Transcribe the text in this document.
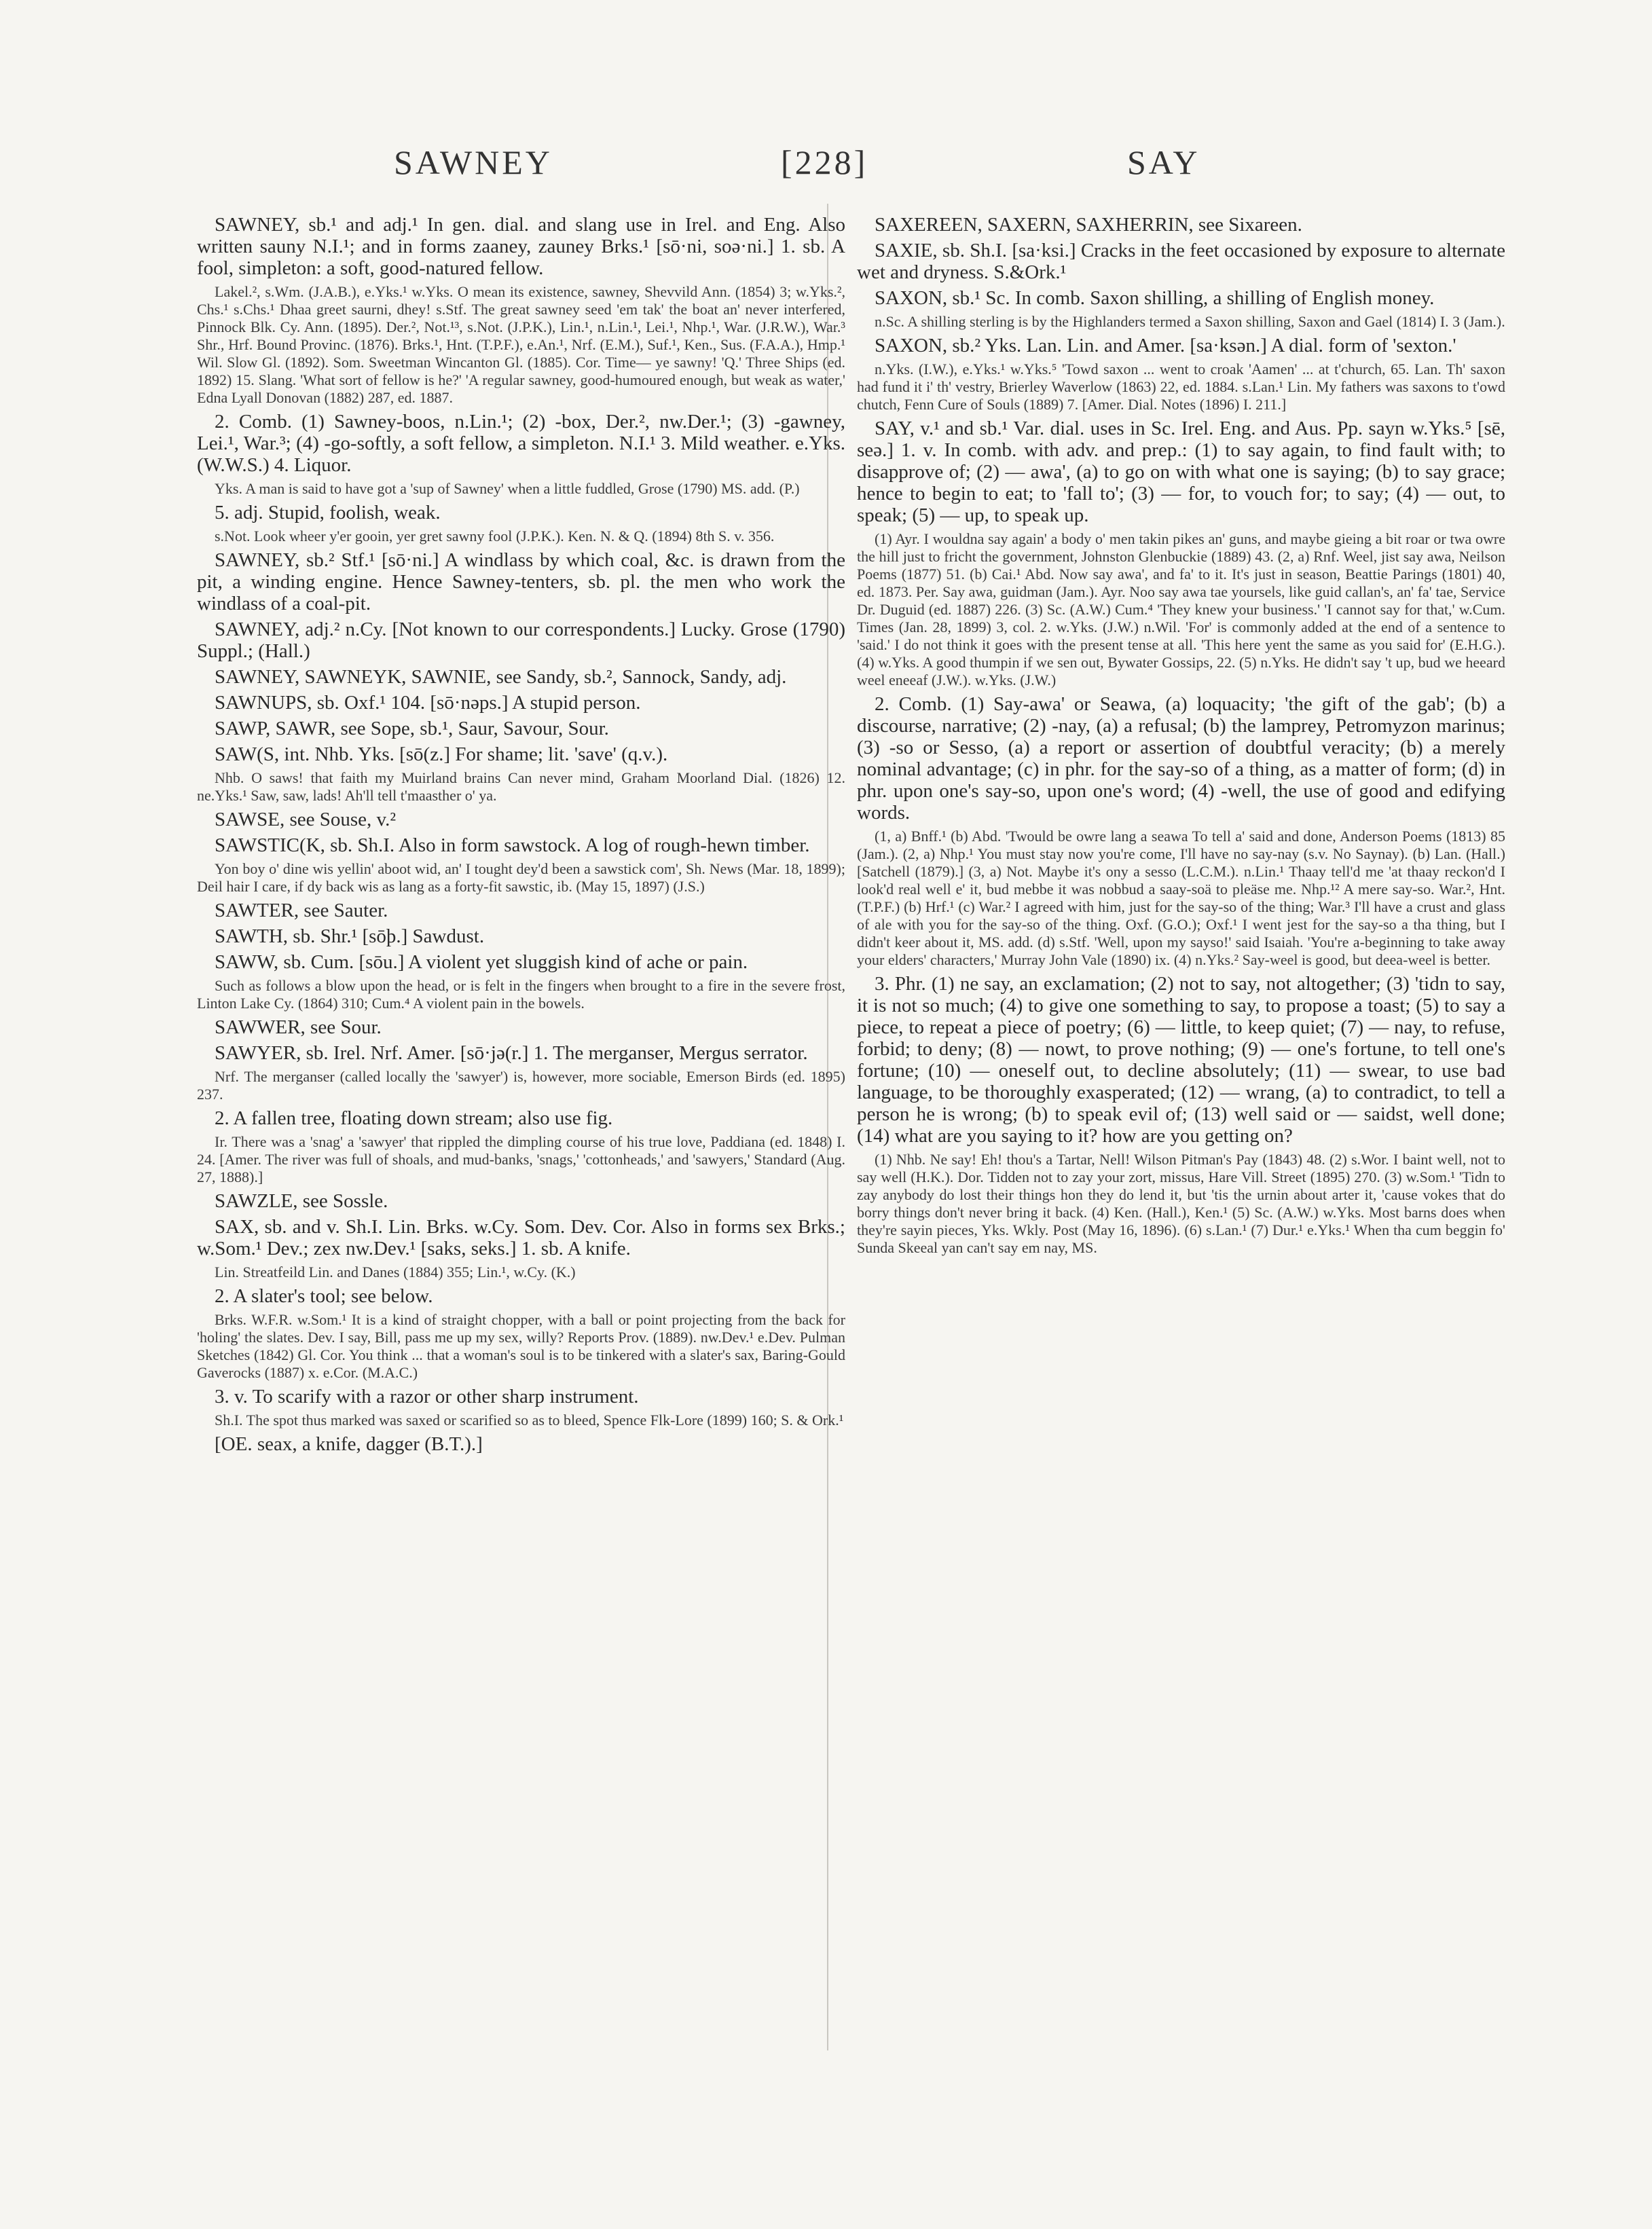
SAWNEY	[228]	SAY

SAWNEY, sb.¹ and adj.¹ In gen. dial. and slang use in Irel. and Eng. Also written sauny N.I.¹; and in forms zaaney, zauney Brks.¹ [sō·ni, soə·ni.] 1. sb. A fool, simpleton: a soft, good-natured fellow.

Lakel.², s.Wm. (J.A.B.), e.Yks.¹ w.Yks. O mean its existence, sawney, Shevvild Ann. (1854) 3; w.Yks.², Chs.¹ s.Chs.¹ Dhaa greet saurni, dhey! s.Stf. The great sawney seed 'em tak' the boat an' never interfered, Pinnock Blk. Cy. Ann. (1895). Der.², Not.¹³, s.Not. (J.P.K.), Lin.¹, n.Lin.¹, Lei.¹, Nhp.¹, War. (J.R.W.), War.³ Shr., Hrf. Bound Provinc. (1876). Brks.¹, Hnt. (T.P.F.), e.An.¹, Nrf. (E.M.), Suf.¹, Ken., Sus. (F.A.A.), Hmp.¹ Wil. Slow Gl. (1892). Som. Sweetman Wincanton Gl. (1885). Cor. Time— ye sawny! 'Q.' Three Ships (ed. 1892) 15. Slang. 'What sort of fellow is he?' 'A regular sawney, good-humoured enough, but weak as water,' Edna Lyall Donovan (1882) 287, ed. 1887.

2. Comb. (1) Sawney-boos, n.Lin.¹; (2) -box, Der.², nw.Der.¹; (3) -gawney, Lei.¹, War.³; (4) -go-softly, a soft fellow, a simpleton. N.I.¹ 3. Mild weather. e.Yks. (W.W.S.) 4. Liquor.

Yks. A man is said to have got a 'sup of Sawney' when a little fuddled, Grose (1790) MS. add. (P.)

5. adj. Stupid, foolish, weak.

s.Not. Look wheer y'er gooin, yer gret sawny fool (J.P.K.). Ken. N. & Q. (1894) 8th S. v. 356.

SAWNEY, sb.² Stf.¹ [sō·ni.] A windlass by which coal, &c. is drawn from the pit, a winding engine. Hence Sawney-tenters, sb. pl. the men who work the windlass of a coal-pit.

SAWNEY, adj.² n.Cy. [Not known to our correspondents.] Lucky. Grose (1790) Suppl.; (Hall.)

SAWNEY, SAWNEYK, SAWNIE, see Sandy, sb.², Sannock, Sandy, adj.

SAWNUPS, sb. Oxf.¹ 104. [sō·nəps.] A stupid person.

SAWP, SAWR, see Sope, sb.¹, Saur, Savour, Sour.

SAW(S, int. Nhb. Yks. [sō(z.] For shame; lit. 'save' (q.v.).

Nhb. O saws! that faith my Muirland brains Can never mind, Graham Moorland Dial. (1826) 12. ne.Yks.¹ Saw, saw, lads! Ah'll tell t'maasther o' ya.

SAWSE, see Souse, v.²

SAWSTIC(K, sb. Sh.I. Also in form sawstock. A log of rough-hewn timber.

Yon boy o' dine wis yellin' aboot wid, an' I tought dey'd been a sawstick com', Sh. News (Mar. 18, 1899); Deil hair I care, if dy back wis as lang as a forty-fit sawstic, ib. (May 15, 1897) (J.S.)

SAWTER, see Sauter.

SAWTH, sb. Shr.¹ [sōþ.] Sawdust.

SAWW, sb. Cum. [sōu.] A violent yet sluggish kind of ache or pain.

Such as follows a blow upon the head, or is felt in the fingers when brought to a fire in the severe frost, Linton Lake Cy. (1864) 310; Cum.⁴ A violent pain in the bowels.

SAWWER, see Sour.

SAWYER, sb. Irel. Nrf. Amer. [sō·jə(r.] 1. The merganser, Mergus serrator.

Nrf. The merganser (called locally the 'sawyer') is, however, more sociable, Emerson Birds (ed. 1895) 237.

2. A fallen tree, floating down stream; also use fig.

Ir. There was a 'snag' a 'sawyer' that rippled the dimpling course of his true love, Paddiana (ed. 1848) I. 24. [Amer. The river was full of shoals, and mud-banks, 'snags,' 'cottonheads,' and 'sawyers,' Standard (Aug. 27, 1888).]

SAWZLE, see Sossle.

SAX, sb. and v. Sh.I. Lin. Brks. w.Cy. Som. Dev. Cor. Also in forms sex Brks.; w.Som.¹ Dev.; zex nw.Dev.¹ [saks, seks.] 1. sb. A knife.

Lin. Streatfeild Lin. and Danes (1884) 355; Lin.¹, w.Cy. (K.)

2. A slater's tool; see below.

Brks. W.F.R. w.Som.¹ It is a kind of straight chopper, with a ball or point projecting from the back for 'holing' the slates. Dev. I say, Bill, pass me up my sex, willy? Reports Prov. (1889). nw.Dev.¹ e.Dev. Pulman Sketches (1842) Gl. Cor. You think ... that a woman's soul is to be tinkered with a slater's sax, Baring-Gould Gaverocks (1887) x. e.Cor. (M.A.C.)

3. v. To scarify with a razor or other sharp instrument.

Sh.I. The spot thus marked was saxed or scarified so as to bleed, Spence Flk-Lore (1899) 160; S. & Ork.¹

[OE. seax, a knife, dagger (B.T.).]

SAXEREEN, SAXERN, SAXHERRIN, see Sixareen.

SAXIE, sb. Sh.I. [sa·ksi.] Cracks in the feet occasioned by exposure to alternate wet and dryness. S.&Ork.¹

SAXON, sb.¹ Sc. In comb. Saxon shilling, a shilling of English money.

n.Sc. A shilling sterling is by the Highlanders termed a Saxon shilling, Saxon and Gael (1814) I. 3 (Jam.).

SAXON, sb.² Yks. Lan. Lin. and Amer. [sa·ksən.] A dial. form of 'sexton.'

n.Yks. (I.W.), e.Yks.¹ w.Yks.⁵ 'Towd saxon ... went to croak 'Aamen' ... at t'church, 65. Lan. Th' saxon had fund it i' th' vestry, Brierley Waverlow (1863) 22, ed. 1884. s.Lan.¹ Lin. My fathers was saxons to t'owd chutch, Fenn Cure of Souls (1889) 7. [Amer. Dial. Notes (1896) I. 211.]

SAY, v.¹ and sb.¹ Var. dial. uses in Sc. Irel. Eng. and Aus. Pp. sayn w.Yks.⁵ [sē, seə.] 1. v. In comb. with adv. and prep.: (1) to say again, to find fault with; to disapprove of; (2) — awa', (a) to go on with what one is saying; (b) to say grace; hence to begin to eat; to 'fall to'; (3) — for, to vouch for; to say; (4) — out, to speak; (5) — up, to speak up.

(1) Ayr. I wouldna say again' a body o' men takin pikes an' guns, and maybe gieing a bit roar or twa owre the hill just to fricht the government, Johnston Glenbuckie (1889) 43. (2, a) Rnf. Weel, jist say awa, Neilson Poems (1877) 51. (b) Cai.¹ Abd. Now say awa', and fa' to it. It's just in season, Beattie Parings (1801) 40, ed. 1873. Per. Say awa, guidman (Jam.). Ayr. Noo say awa tae yoursels, like guid callan's, an' fa' tae, Service Dr. Duguid (ed. 1887) 226. (3) Sc. (A.W.) Cum.⁴ 'They knew your business.' 'I cannot say for that,' w.Cum. Times (Jan. 28, 1899) 3, col. 2. w.Yks. (J.W.) n.Wil. 'For' is commonly added at the end of a sentence to 'said.' I do not think it goes with the present tense at all. 'This here yent the same as you said for' (E.H.G.). (4) w.Yks. A good thumpin if we sen out, Bywater Gossips, 22. (5) n.Yks. He didn't say 't up, bud we heeard weel eneeaf (J.W.). w.Yks. (J.W.)

2. Comb. (1) Say-awa' or Seawa, (a) loquacity; 'the gift of the gab'; (b) a discourse, narrative; (2) -nay, (a) a refusal; (b) the lamprey, Petromyzon marinus; (3) -so or Sesso, (a) a report or assertion of doubtful veracity; (b) a merely nominal advantage; (c) in phr. for the say-so of a thing, as a matter of form; (d) in phr. upon one's say-so, upon one's word; (4) -well, the use of good and edifying words.

(1, a) Bnff.¹ (b) Abd. 'Twould be owre lang a seawa To tell a' said and done, Anderson Poems (1813) 85 (Jam.). (2, a) Nhp.¹ You must stay now you're come, I'll have no say-nay (s.v. No Saynay). (b) Lan. (Hall.) [Satchell (1879).] (3, a) Not. Maybe it's ony a sesso (L.C.M.). n.Lin.¹ Thaay tell'd me 'at thaay reckon'd I look'd real well e' it, bud mebbe it was nobbud a saay-soä to pleäse me. Nhp.¹² A mere say-so. War.², Hnt. (T.P.F.) (b) Hrf.¹ (c) War.² I agreed with him, just for the say-so of the thing; War.³ I'll have a crust and glass of ale with you for the say-so of the thing. Oxf. (G.O.); Oxf.¹ I went jest for the say-so a tha thing, but I didn't keer about it, MS. add. (d) s.Stf. 'Well, upon my sayso!' said Isaiah. 'You're a-beginning to take away your elders' characters,' Murray John Vale (1890) ix. (4) n.Yks.² Say-weel is good, but deea-weel is better.

3. Phr. (1) ne say, an exclamation; (2) not to say, not altogether; (3) 'tidn to say, it is not so much; (4) to give one something to say, to propose a toast; (5) to say a piece, to repeat a piece of poetry; (6) — little, to keep quiet; (7) — nay, to refuse, forbid; to deny; (8) — nowt, to prove nothing; (9) — one's fortune, to tell one's fortune; (10) — oneself out, to decline absolutely; (11) — swear, to use bad language, to be thoroughly exasperated; (12) — wrang, (a) to contradict, to tell a person he is wrong; (b) to speak evil of; (13) well said or — saidst, well done; (14) what are you saying to it? how are you getting on?

(1) Nhb. Ne say! Eh! thou's a Tartar, Nell! Wilson Pitman's Pay (1843) 48. (2) s.Wor. I baint well, not to say well (H.K.). Dor. Tidden not to zay your zort, missus, Hare Vill. Street (1895) 270. (3) w.Som.¹ 'Tidn to zay anybody do lost their things hon they do lend it, but 'tis the urnin about arter it, 'cause vokes that do borry things don't never bring it back. (4) Ken. (Hall.), Ken.¹ (5) Sc. (A.W.) w.Yks. Most barns does when they're sayin pieces, Yks. Wkly. Post (May 16, 1896). (6) s.Lan.¹ (7) Dur.¹ e.Yks.¹ When tha cum beggin fo' Sunda Skeeal yan can't say em nay, MS.
